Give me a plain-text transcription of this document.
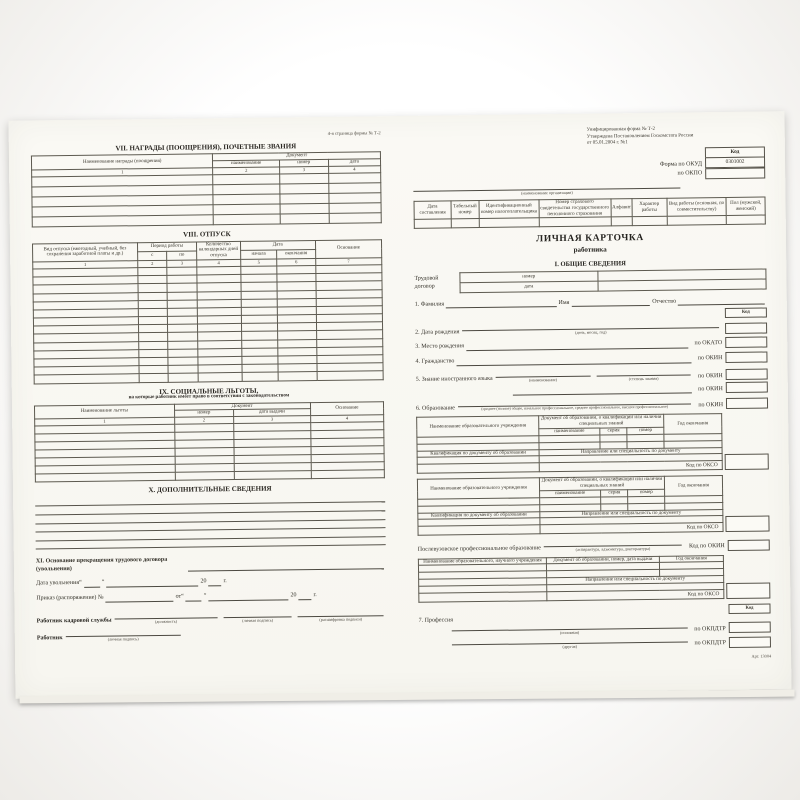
4-я страница формы № Т-2
VII. НАГРАДЫ (ПООЩРЕНИЯ), ПОЧЕТНЫЕ ЗВАНИЯ
Наименование награды (поощрения)	Документ		
	наименование	номер	дата
1	2	3	4

VIII. ОТПУСК
Вид отпуска (ежегодный, учебный, без сохранения заработной платы и др.)	Период работы		Количество календарных дней отпуска	Дата		Основание
	с	по		начала	окончания	
1	2	3	4	5	6	7

IX. СОЦИАЛЬНЫЕ ЛЬГОТЫ,
на которые работник имеет право в соответствии с законодательством
Наименование льготы	Документ		Основание
	номер	дата выдачи	
1	2	3	4

X. ДОПОЛНИТЕЛЬНЫЕ СВЕДЕНИЯ
XI. Основание прекращения трудового договора (увольнения)
Дата увольнения “	”	20	г.
Приказ (распоряжение) №	от “	”	20	г.
Работник кадровой службы	(должность)	(личная подпись)	(расшифровка подписи)
Работник	(личная подпись)
Унифицированная форма № Т-2
Утверждена Постановлением Госкомстата России
от 05.01.2004 г. №1
Форма по ОКУД
по ОКПО
Код
0301002
(наименование организации)
Дата составления	Табельный номер	Идентификационный номер налогоплательщика	Номер страхового свидетельства государственного пенсионного страхования	Алфавит	Характер работы	Вид работы (основная, по совместительству)	Пол (мужской, женский)

ЛИЧНАЯ КАРТОЧКА
работника
I. ОБЩИЕ СВЕДЕНИЯ
Трудовой договор
номер	
дата	
1. Фамилия	Имя	Отчество
Код
2. Дата рождения	(день, месяц, год)
3. Место рождения	по ОКАТО
4. Гражданство
по ОКИН
5. Знание иностранного языка	(наименование)	(степень знания)	по ОКИН
по ОКИН
6. Образование	(среднее (полное) общее, начальное профессиональное, среднее профессиональное, высшее профессиональное)	по ОКИН
Наименование образовательного учреждения	Документ об образовании, о квалификации или наличии специальных знаний			Год окончания
	наименование	серия	номер	

Квалификация по документу об образовании	Направление или специальность по документу			

	Код по ОКСО			
Наименование образовательного учреждения	Документ об образовании, о квалификации или наличии специальных знаний			Год окончания
	наименование	серия	номер	

Квалификация по документу об образовании	Направление или специальность по документу			

	Код по ОКСО			
Послевузовское профессиональное образование	(аспирантура, адъюнктура, докторантура)	Код по ОКИН
Наименование образовательного, научного учреждения	Документ об образовании, номер, дата выдачи	Год окончания

	Направление или специальность по документу	

	Код по ОКСО	
Код
7. Профессия
(основная)
по ОКПДТР
(другая)
по ОКПДТР
Арт. 13004
